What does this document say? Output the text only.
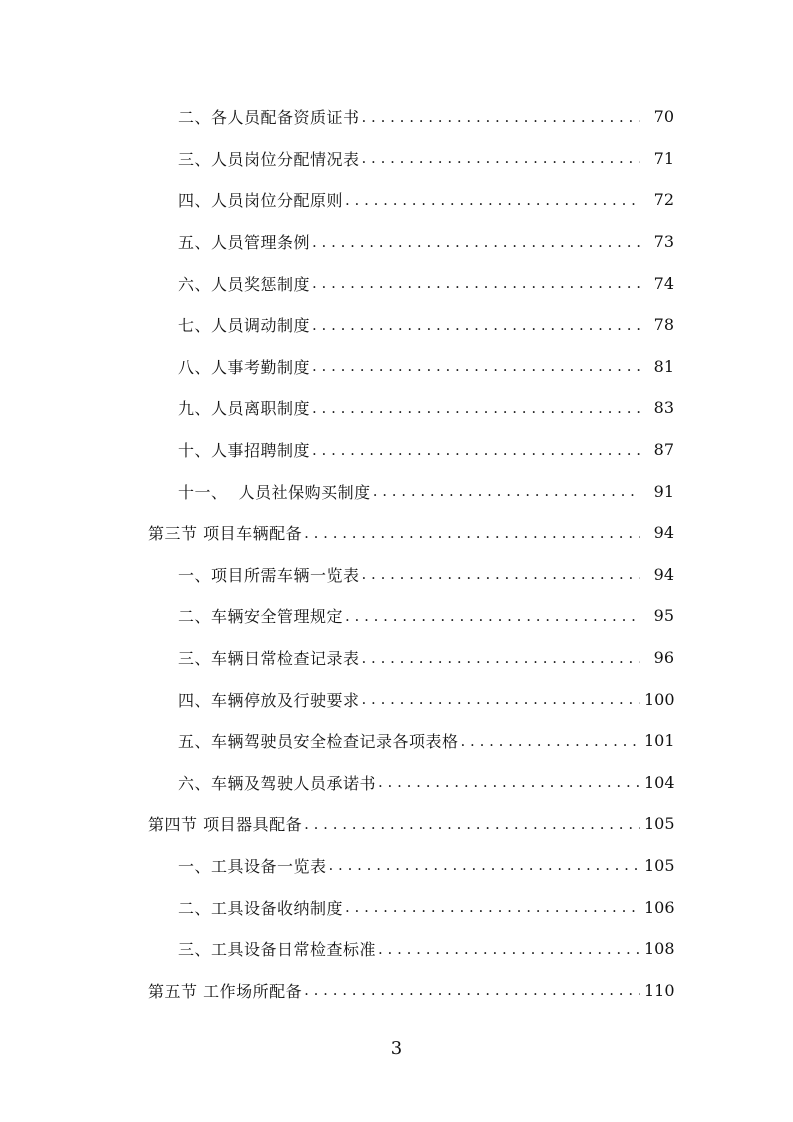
二、各人员配备资质证书 . . .	70
三、人员岗位分配情况表 . . .	71
四、人员岗位分配原则 . . .	72
五、人员管理条例 . . .	73
六、人员奖惩制度 . . .	74
七、人员调动制度 . . .	78
八、人事考勤制度 . . .	81
九、人员离职制度 . . .	83
十、人事招聘制度 . . .	87
十一、  人员社保购买制度 . . .	91
第三节 项目车辆配备 . . .	94
一、项目所需车辆一览表 . . .	94
二、车辆安全管理规定 . . .	95
三、车辆日常检查记录表 . . .	96
四、车辆停放及行驶要求 . . .	100
五、车辆驾驶员安全检查记录各项表格 . . .	101
六、车辆及驾驶人员承诺书 . . .	104
第四节 项目器具配备 . . .	105
一、工具设备一览表 . . .	105
二、工具设备收纳制度 . . .	106
三、工具设备日常检查标准 . . .	108
第五节 工作场所配备 . . .	110
3
